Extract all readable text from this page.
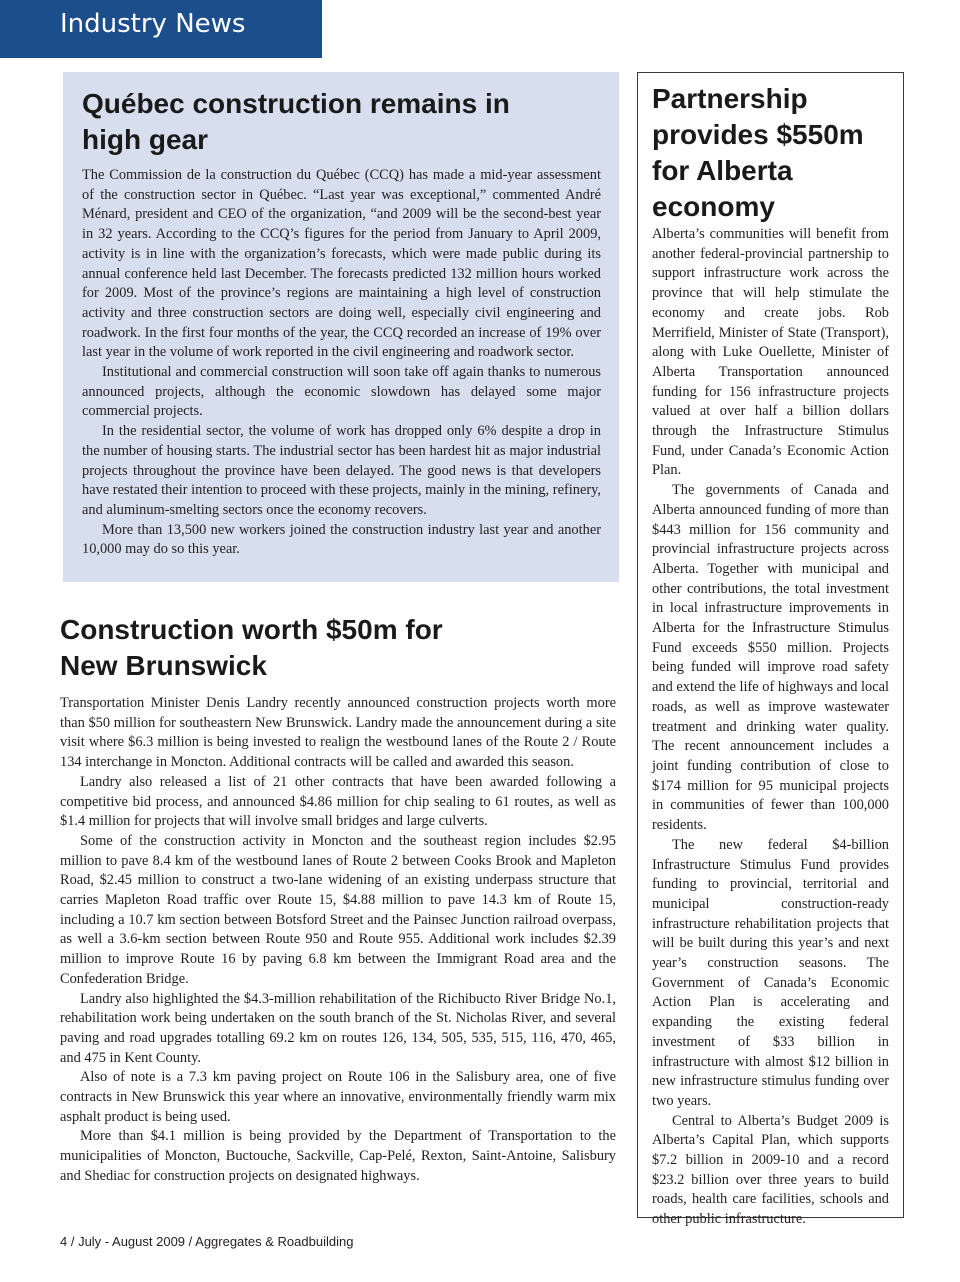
Industry News
Québec construction remains in high gear

The Commission de la construction du Québec (CCQ) has made a mid-year assessment of the construction sector in Québec. “Last year was exceptional,” commented André Ménard, president and CEO of the organization, “and 2009 will be the second-best year in 32 years. According to the CCQ’s figures for the period from January to April 2009, activity is in line with the organization’s forecasts, which were made public during its annual conference held last December. The forecasts predicted 132 million hours worked for 2009. Most of the province’s regions are maintaining a high level of construction activity and three construction sectors are doing well, especially civil engineering and roadwork. In the first four months of the year, the CCQ recorded an increase of 19% over last year in the volume of work reported in the civil engineering and roadwork sector.

Institutional and commercial construction will soon take off again thanks to numerous announced projects, although the economic slowdown has delayed some major commercial projects.

In the residential sector, the volume of work has dropped only 6% despite a drop in the number of housing starts. The industrial sector has been hardest hit as major industrial projects throughout the province have been delayed. The good news is that developers have restated their intention to proceed with these projects, mainly in the mining, refinery, and aluminum-smelting sectors once the economy recovers.

More than 13,500 new workers joined the construction industry last year and another 10,000 may do so this year.

Construction worth $50m for New Brunswick

Transportation Minister Denis Landry recently announced construction projects worth more than $50 million for southeastern New Brunswick. Landry made the announcement during a site visit where $6.3 million is being invested to realign the westbound lanes of the Route 2 / Route 134 interchange in Moncton. Additional contracts will be called and awarded this season.

Landry also released a list of 21 other contracts that have been awarded following a competitive bid process, and announced $4.86 million for chip sealing to 61 routes, as well as $1.4 million for projects that will involve small bridges and large culverts.

Some of the construction activity in Moncton and the southeast region includes $2.95 million to pave 8.4 km of the westbound lanes of Route 2 between Cooks Brook and Mapleton Road, $2.45 million to construct a two-lane widening of an existing underpass structure that carries Mapleton Road traffic over Route 15, $4.88 million to pave 14.3 km of Route 15, including a 10.7 km section between Botsford Street and the Painsec Junction railroad overpass, as well a 3.6-km section between Route 950 and Route 955. Additional work includes $2.39 million to improve Route 16 by paving 6.8 km between the Immigrant Road area and the Confederation Bridge.

Landry also highlighted the $4.3-million rehabilitation of the Richibucto River Bridge No.1, rehabilitation work being undertaken on the south branch of the St. Nicholas River, and several paving and road upgrades totalling 69.2 km on routes 126, 134, 505, 535, 515, 116, 470, 465, and 475 in Kent County.

Also of note is a 7.3 km paving project on Route 106 in the Salisbury area, one of five contracts in New Brunswick this year where an innovative, environmentally friendly warm mix asphalt product is being used.

More than $4.1 million is being provided by the Department of Transportation to the municipalities of Moncton, Buctouche, Sackville, Cap-Pelé, Rexton, Saint-Antoine, Salisbury and Shediac for construction projects on designated highways.

Partnership provides $550m for Alberta economy

Alberta’s communities will benefit from another federal-provincial partnership to support infrastructure work across the province that will help stimulate the economy and create jobs. Rob Merrifield, Minister of State (Transport), along with Luke Ouellette, Minister of Alberta Transportation announced funding for 156 infrastructure projects valued at over half a billion dollars through the Infrastructure Stimulus Fund, under Canada’s Economic Action Plan.

The governments of Canada and Alberta announced funding of more than $443 million for 156 community and provincial infrastructure projects across Alberta. Together with municipal and other contributions, the total investment in local infrastructure improvements in Alberta for the Infrastructure Stimulus Fund exceeds $550 million. Projects being funded will improve road safety and extend the life of highways and local roads, as well as improve wastewater treatment and drinking water quality. The recent announcement includes a joint funding contribution of close to $174 million for 95 municipal projects in communities of fewer than 100,000 residents.

The new federal $4-billion Infrastructure Stimulus Fund provides funding to provincial, territorial and municipal construction-ready infrastructure rehabilitation projects that will be built during this year’s and next year’s construction seasons. The Government of Canada’s Economic Action Plan is accelerating and expanding the existing federal investment of $33 billion in infrastructure with almost $12 billion in new infrastructure stimulus funding over two years.

Central to Alberta’s Budget 2009 is Alberta’s Capital Plan, which supports $7.2 billion in 2009-10 and a record $23.2 billion over three years to build roads, health care facilities, schools and other public infrastructure.

4 / July - August 2009 / Aggregates & Roadbuilding
